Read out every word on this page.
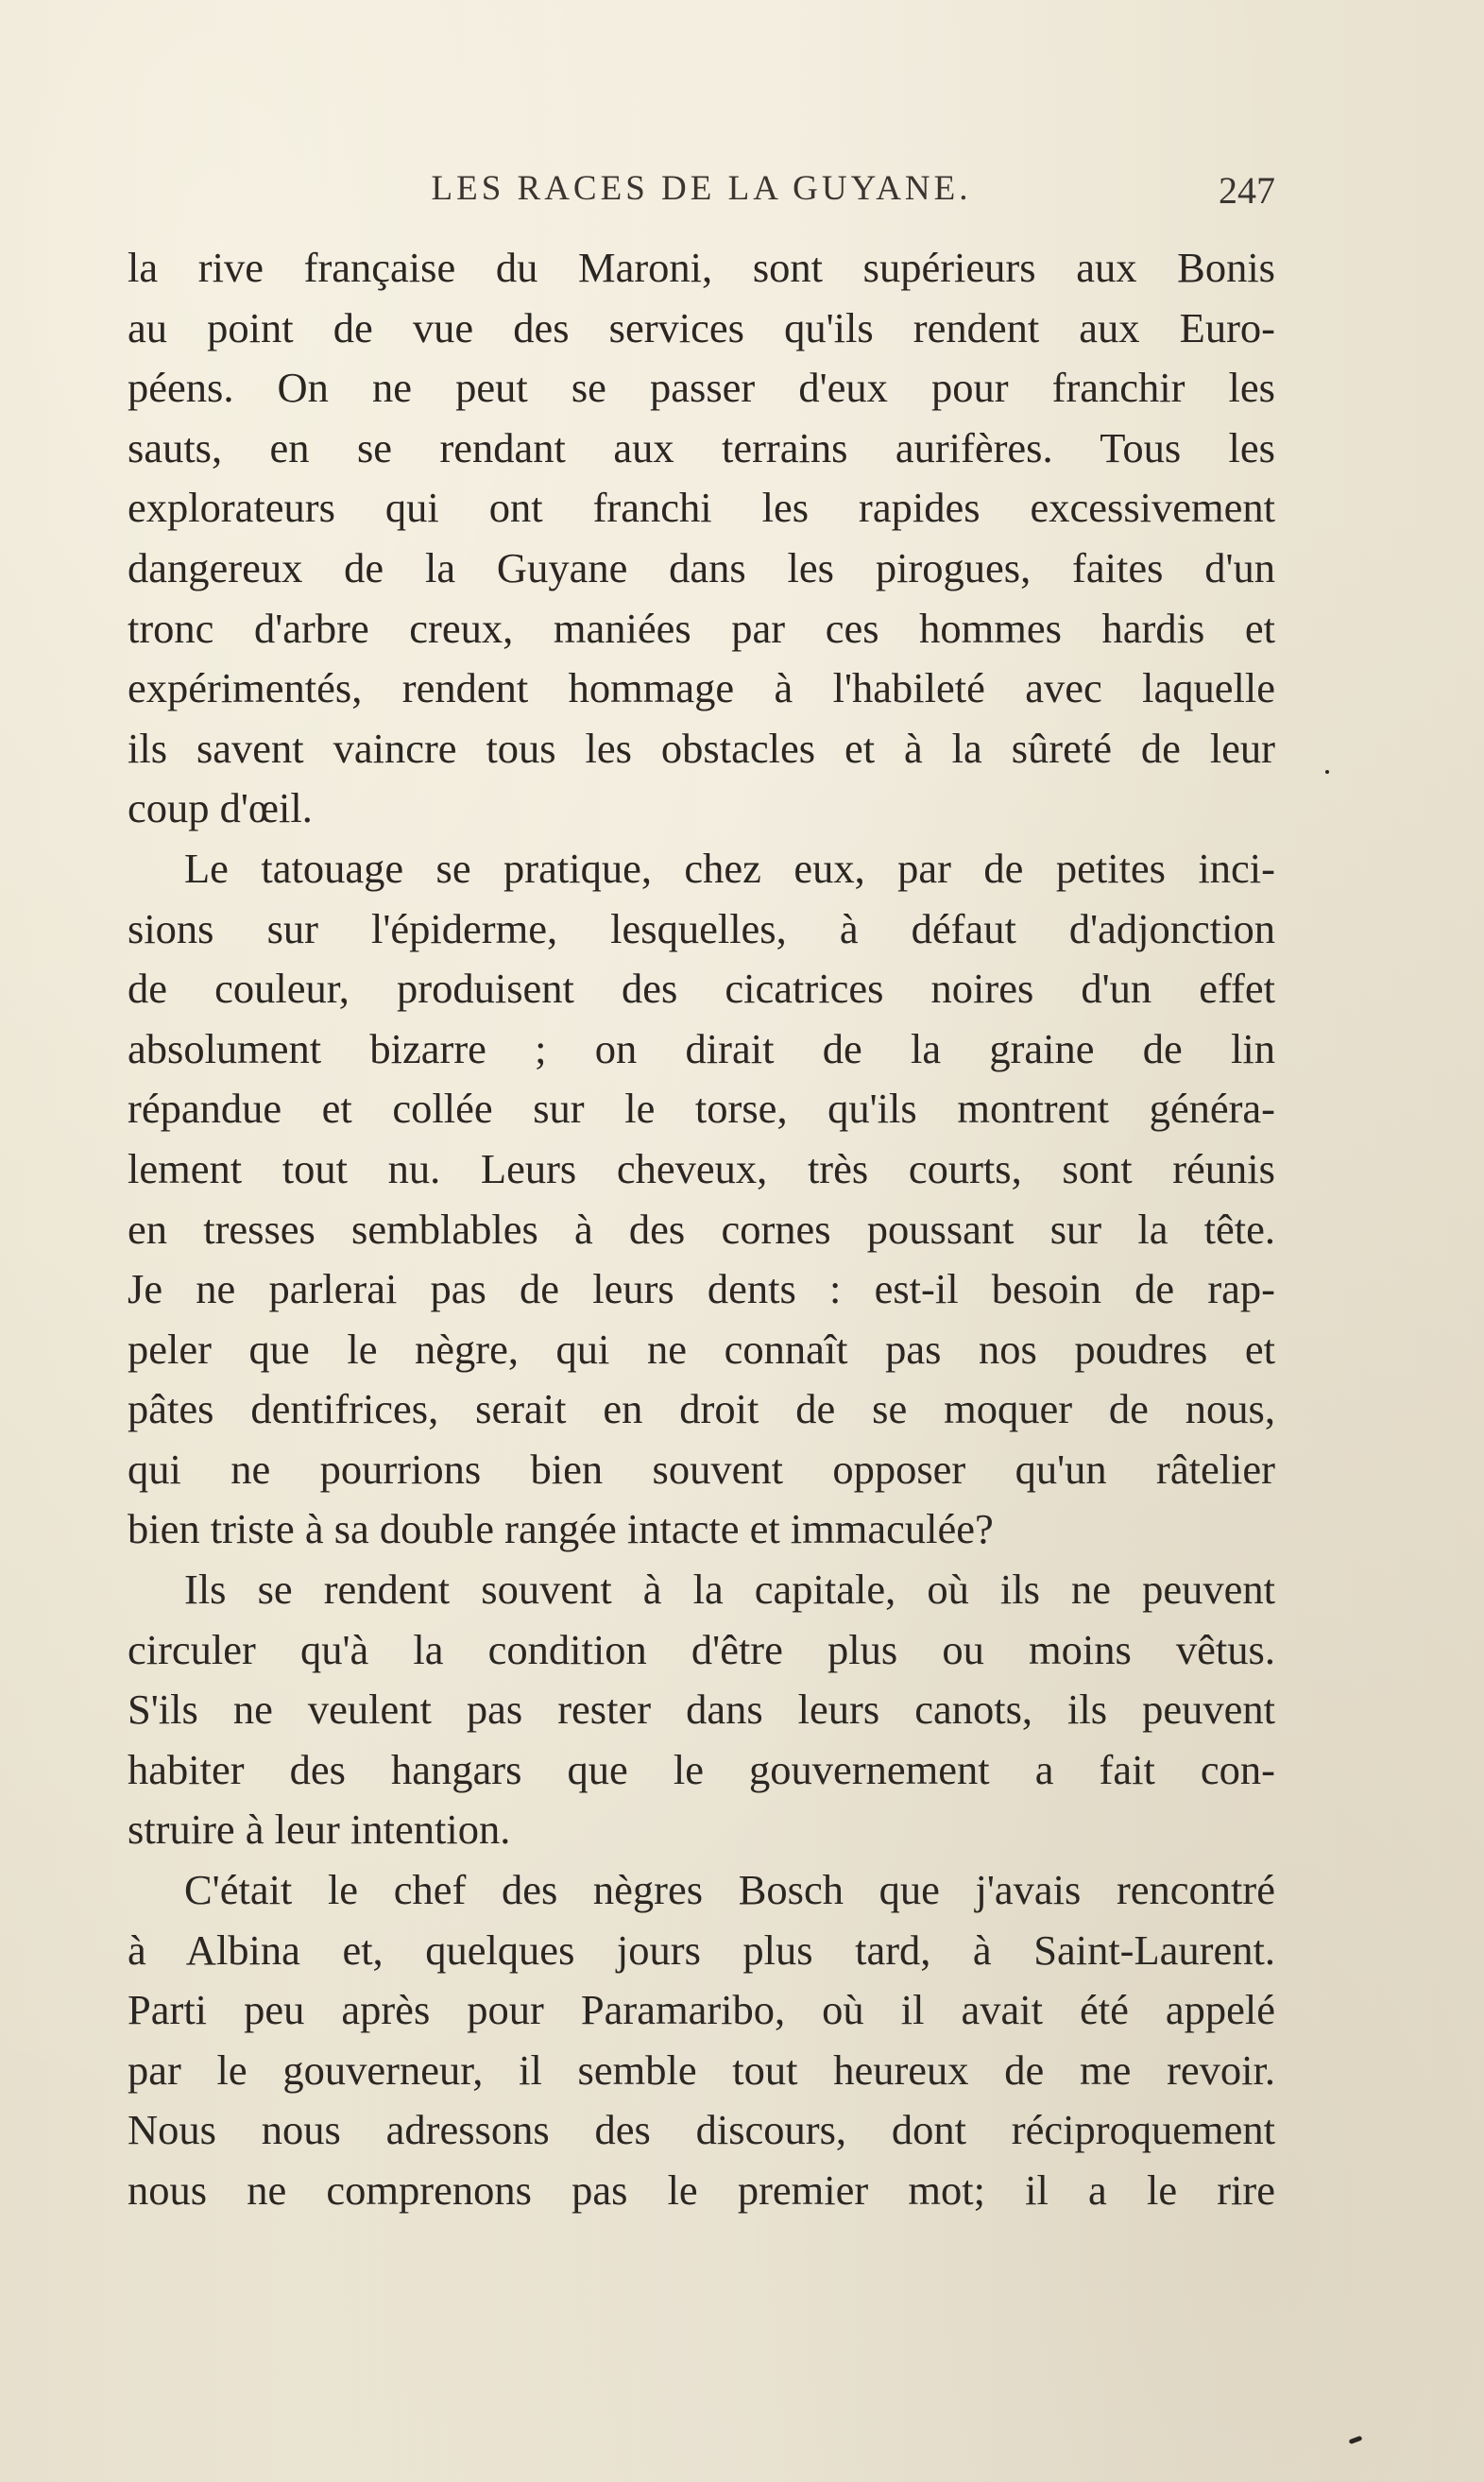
LES RACES DE LA GUYANE.	247

la rive française du Maroni, sont supérieurs aux Bonis
au point de vue des services qu'ils rendent aux Euro-
péens. On ne peut se passer d'eux pour franchir les
sauts, en se rendant aux terrains aurifères. Tous les
explorateurs qui ont franchi les rapides excessivement
dangereux de la Guyane dans les pirogues, faites d'un
tronc d'arbre creux, maniées par ces hommes hardis et
expérimentés, rendent hommage à l'habileté avec laquelle
ils savent vaincre tous les obstacles et à la sûreté de leur
coup d'œil.

Le tatouage se pratique, chez eux, par de petites inci-
sions sur l'épiderme, lesquelles, à défaut d'adjonction
de couleur, produisent des cicatrices noires d'un effet
absolument bizarre ; on dirait de la graine de lin
répandue et collée sur le torse, qu'ils montrent généra-
lement tout nu. Leurs cheveux, très courts, sont réunis
en tresses semblables à des cornes poussant sur la tête.
Je ne parlerai pas de leurs dents : est-il besoin de rap-
peler que le nègre, qui ne connaît pas nos poudres et
pâtes dentifrices, serait en droit de se moquer de nous,
qui ne pourrions bien souvent opposer qu'un râtelier
bien triste à sa double rangée intacte et immaculée?

Ils se rendent souvent à la capitale, où ils ne peuvent
circuler qu'à la condition d'être plus ou moins vêtus.
S'ils ne veulent pas rester dans leurs canots, ils peuvent
habiter des hangars que le gouvernement a fait con-
struire à leur intention.

C'était le chef des nègres Bosch que j'avais rencontré
à Albina et, quelques jours plus tard, à Saint-Laurent.
Parti peu après pour Paramaribo, où il avait été appelé
par le gouverneur, il semble tout heureux de me revoir.
Nous nous adressons des discours, dont réciproquement
nous ne comprenons pas le premier mot; il a le rire
